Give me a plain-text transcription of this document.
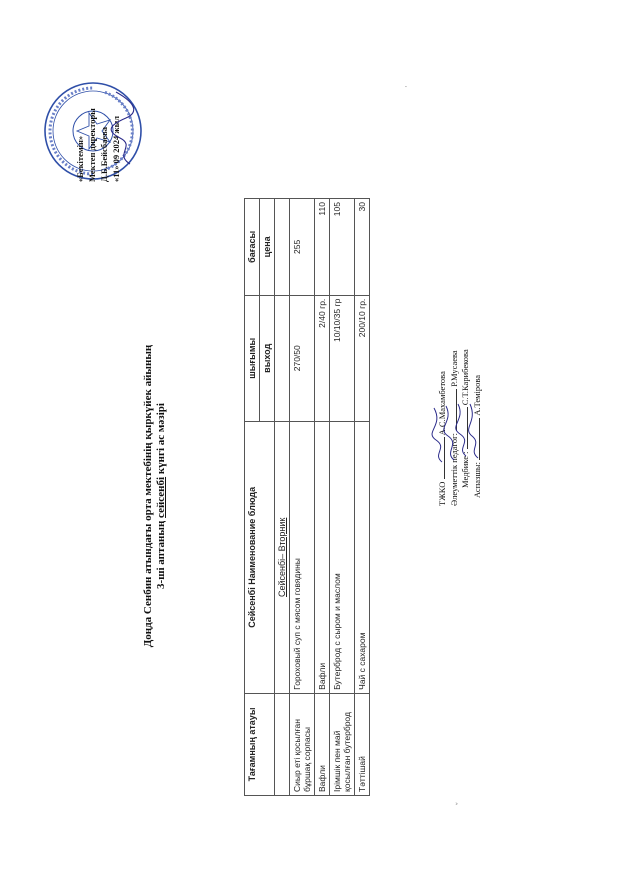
Доңда Сенбин атындағы орта мектебінің қыркүйек айының 3-ші аптаның сейсенбі күнгі ас мәзірі
«Бекітемін» Мектеп директоры Д.Б.Бейсбаева «11» 09 2024 жыл
Тағамның атауы	Сейсенбі Наименование блюда	шығымы	бағасы
		выход	цена
	Сейсенбі– Вторник		
Сиыр еті қосылған бұршақ сорпасы	Гороховый суп с мясом говядины	270/50	255
Вафли	Вафли	2/40 гр.	110
Ірімшік пен май қосылған бутерброд	Бутерброд с сыром и маслом	10/10/35 гр	105
Тәттішай	Чай с сахаром	200/10 гр.	30
ТЖКО  А.С.Махамбетова
Әлеуметтік педагог:  Р.Мусаева
Медбике :  С.Т.Карибекова
Аспазшы:  А.Темірова
ˇ
·
